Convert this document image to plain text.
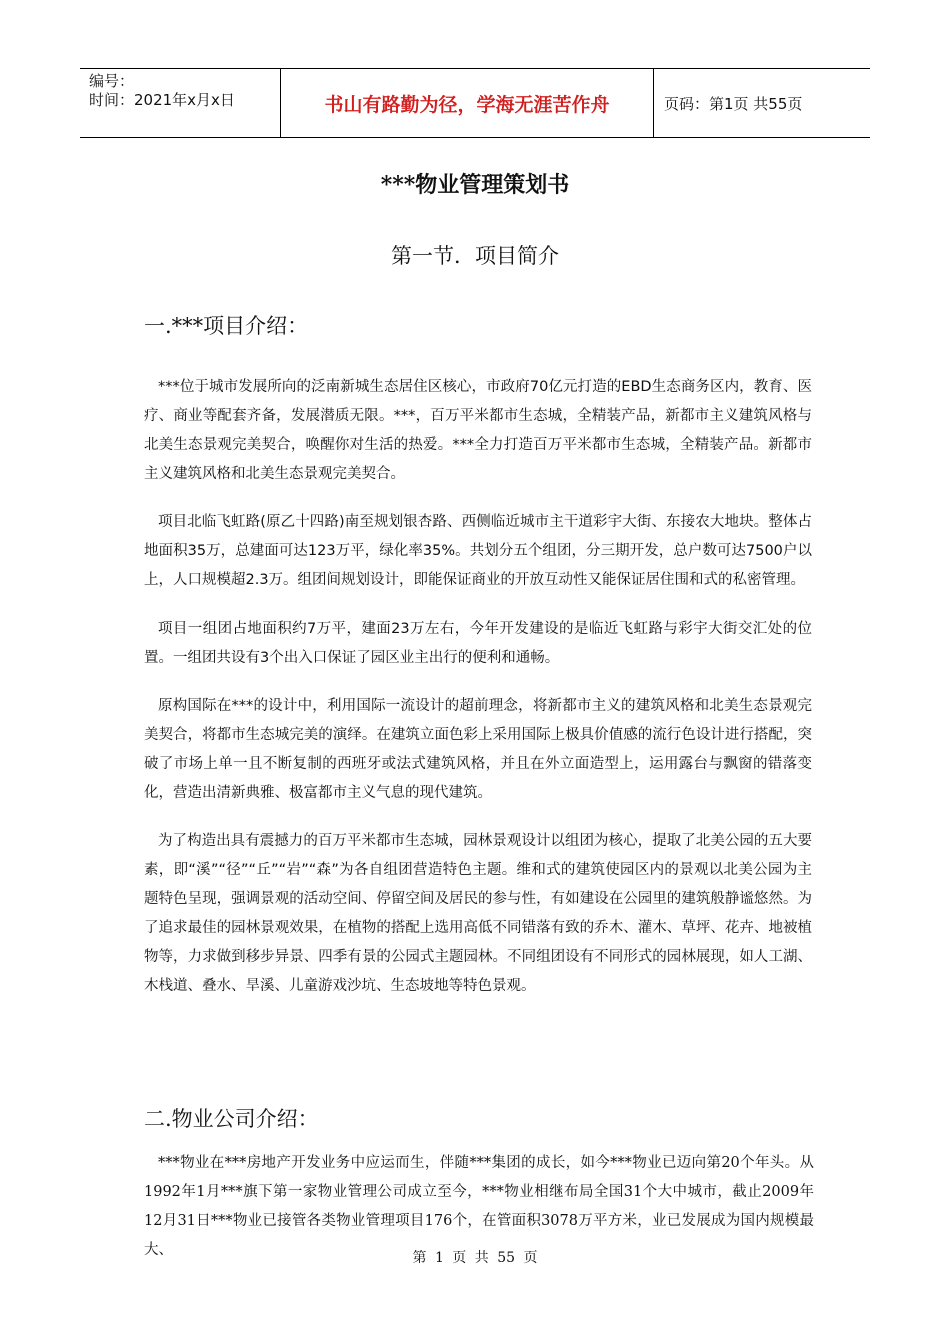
编号：
时间：2021年x月x日	书山有路勤为径，学海无涯苦作舟	页码：第1页 共55页
***物业管理策划书
第一节．项目简介
一.***项目介绍：

***位于城市发展所向的泛南新城生态居住区核心，市政府70亿元打造的EBD生态商务区内，教育、医疗、商业等配套齐备，发展潜质无限。***，百万平米都市生态城，全精装产品，新都市主义建筑风格与北美生态景观完美契合，唤醒你对生活的热爱。***全力打造百万平米都市生态城，全精装产品。新都市主义建筑风格和北美生态景观完美契合。

项目北临飞虹路(原乙十四路)南至规划银杏路、西侧临近城市主干道彩宇大街、东接农大地块。整体占地面积35万，总建面可达123万平，绿化率35%。共划分五个组团，分三期开发，总户数可达7500户以上，人口规模超2.3万。组团间规划设计，即能保证商业的开放互动性又能保证居住围和式的私密管理。

项目一组团占地面积约7万平，建面23万左右，今年开发建设的是临近飞虹路与彩宇大街交汇处的位置。一组团共设有3个出入口保证了园区业主出行的便利和通畅。

原构国际在***的设计中，利用国际一流设计的超前理念，将新都市主义的建筑风格和北美生态景观完美契合，将都市生态城完美的演绎。在建筑立面色彩上采用国际上极具价值感的流行色设计进行搭配，突破了市场上单一且不断复制的西班牙或法式建筑风格，并且在外立面造型上，运用露台与飘窗的错落变化，营造出清新典雅、极富都市主义气息的现代建筑。

为了构造出具有震撼力的百万平米都市生态城，园林景观设计以组团为核心，提取了北美公园的五大要素，即“溪”“径”“丘”“岩”“森”为各自组团营造特色主题。维和式的建筑使园区内的景观以北美公园为主题特色呈现，强调景观的活动空间、停留空间及居民的参与性，有如建设在公园里的建筑般静谧悠然。为了追求最佳的园林景观效果，在植物的搭配上选用高低不同错落有致的乔木、灌木、草坪、花卉、地被植物等，力求做到移步异景、四季有景的公园式主题园林。不同组团设有不同形式的园林展现，如人工湖、木栈道、叠水、旱溪、儿童游戏沙坑、生态坡地等特色景观。

二.物业公司介绍：

***物业在***房地产开发业务中应运而生，伴随***集团的成长，如今***物业已迈向第20个年头。从1992年1月***旗下第一家物业管理公司成立至今，***物业相继布局全国31个大中城市，截止2009年12月31日***物业已接管各类物业管理项目176个，在管面积3078万平方米，业已发展成为国内规模最大、	第 1 页 共 55 页
